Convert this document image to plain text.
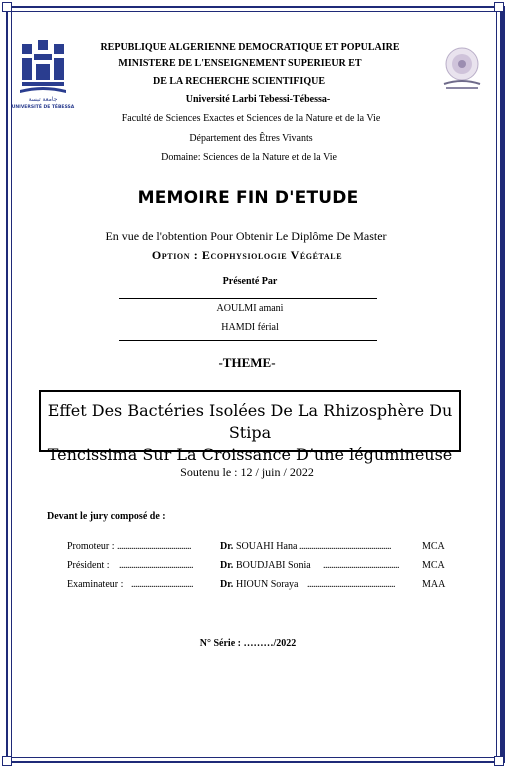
جامعة تبسة
UNIVERSITÉ DE TÉBESSA
REPUBLIQUE ALGERIENNE DEMOCRATIQUE ET POPULAIRE
MINISTERE DE L'ENSEIGNEMENT SUPERIEUR ET
DE LA RECHERCHE SCIENTIFIQUE
Université Larbi Tebessi-Tébessa-
Faculté de Sciences Exactes et Sciences de la Nature et de la Vie
Département des Êtres Vivants
Domaine: Sciences de la Nature et de la Vie
MEMOIRE FIN D'ETUDE
En vue de l'obtention Pour Obtenir Le Diplôme De Master
Option : Ecophysiologie Végétale
Présenté Par
AOULMI amani
HAMDI férial
-THEME-
Effet Des Bactéries Isolées De La Rhizosphère Du Stipa
Tencissima Sur La Croissance D’une légumineuse
Soutenu le : 12 / juin / 2022
Devant le jury composé de :
Promoteur : .....................................	Dr. SOUAHI Hana ..............................................	MCA
Président : .....................................	Dr. BOUDJABI Sonia ...................................... MCA
Examinateur : ...............................	Dr. HIOUN Soraya ............................................	MAA
N° Série : ………/2022
